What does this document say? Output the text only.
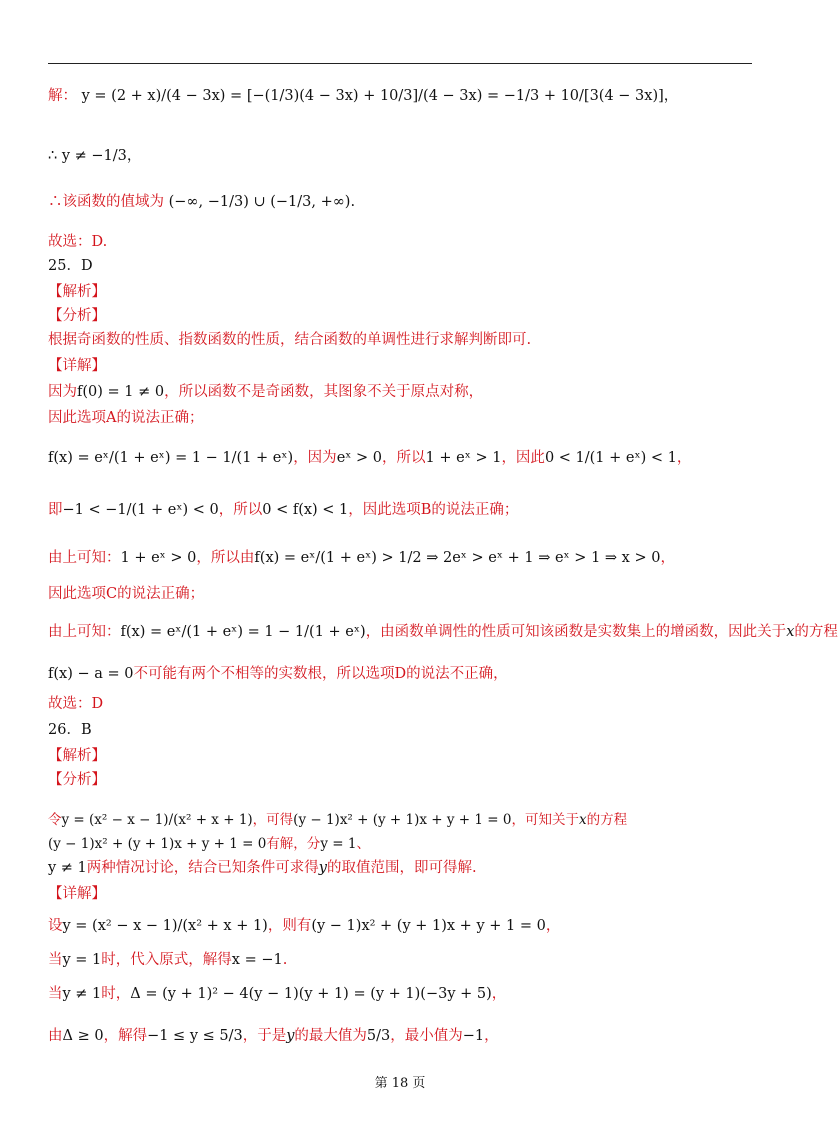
解： y = (2 + x)/(4 − 3x) = [−(1/3)(4 − 3x) + 10/3]/(4 − 3x) = −1/3 + 10/[3(4 − 3x)]，
∴ y ≠ −1/3，
∴该函数的值域为 (−∞, −1/3) ∪ (−1/3, +∞).
故选：D.
25．D
【解析】
【分析】
根据奇函数的性质、指数函数的性质，结合函数的单调性进行求解判断即可.
【详解】
因为f(0) = 1 ≠ 0，所以函数不是奇函数，其图象不关于原点对称，
因此选项A的说法正确；
f(x) = eˣ/(1 + eˣ) = 1 − 1/(1 + eˣ)，因为eˣ > 0，所以1 + eˣ > 1，因此0 < 1/(1 + eˣ) < 1，
即−1 < −1/(1 + eˣ) < 0，所以0 < f(x) < 1，因此选项B的说法正确；
由上可知：1 + eˣ > 0，所以由f(x) = eˣ/(1 + eˣ) > 1/2 ⇒ 2eˣ > eˣ + 1 ⇒ eˣ > 1 ⇒ x > 0，
因此选项C的说法正确；
由上可知：f(x) = eˣ/(1 + eˣ) = 1 − 1/(1 + eˣ)，由函数单调性的性质可知该函数是实数集上的增函数，因此关于x的方程
f(x) − a = 0不可能有两个不相等的实数根，所以选项D的说法不正确，
故选：D
26．B
【解析】
【分析】
令y = (x² − x − 1)/(x² + x + 1)，可得(y − 1)x² + (y + 1)x + y + 1 = 0，可知关于x的方程
(y − 1)x² + (y + 1)x + y + 1 = 0有解，分y = 1、
y ≠ 1两种情况讨论，结合已知条件可求得y的取值范围，即可得解.
【详解】
设y = (x² − x − 1)/(x² + x + 1)，则有(y − 1)x² + (y + 1)x + y + 1 = 0，
当y = 1时，代入原式，解得x = −1.
当y ≠ 1时，Δ = (y + 1)² − 4(y − 1)(y + 1) = (y + 1)(−3y + 5)，
由Δ ≥ 0，解得−1 ≤ y ≤ 5/3，于是y的最大值为5/3，最小值为−1，
第 18 页
